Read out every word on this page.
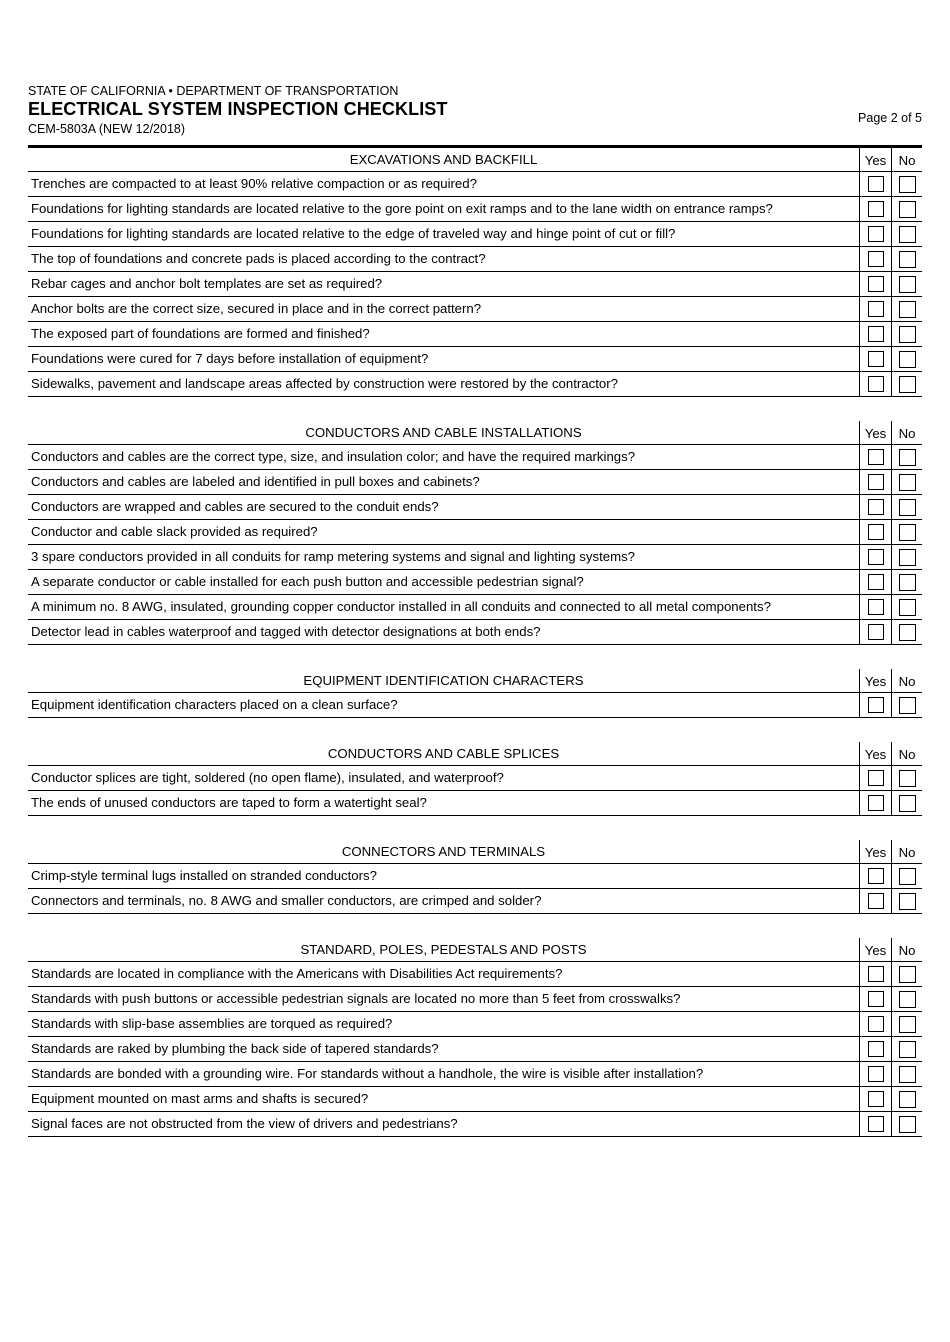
STATE OF CALIFORNIA • DEPARTMENT OF TRANSPORTATION
ELECTRICAL SYSTEM INSPECTION CHECKLIST
CEM-5803A (NEW 12/2018)
Page 2 of 5
EXCAVATIONS AND BACKFILL	Yes No
Trenches are compacted to at least 90% relative compaction or as required?
Foundations for lighting standards are located relative to the gore point on exit ramps and to the lane width on entrance ramps?
Foundations for lighting standards are located relative to the edge of traveled way and hinge point of cut or fill?
The top of foundations and concrete pads is placed according to the contract?
Rebar cages and anchor bolt templates are set as required?
Anchor bolts are the correct size, secured in place and in the correct pattern?
The exposed part of foundations are formed and finished?
Foundations were cured for 7 days before installation of equipment?
Sidewalks, pavement and landscape areas affected by construction were restored by the contractor?
CONDUCTORS AND CABLE INSTALLATIONS	Yes No
Conductors and cables are the correct type, size, and insulation color; and have the required markings?
Conductors and cables are labeled and identified in pull boxes and cabinets?
Conductors are wrapped and cables are secured to the conduit ends?
Conductor and cable slack provided as required?
3 spare conductors provided in all conduits for ramp metering systems and signal and lighting systems?
A separate conductor or cable installed for each push button and accessible pedestrian signal?
A minimum no. 8 AWG, insulated, grounding copper conductor installed in all conduits and connected to all metal components?
Detector lead in cables waterproof and tagged with detector designations at both ends?
EQUIPMENT IDENTIFICATION CHARACTERS	Yes No
Equipment identification characters placed on a clean surface?
CONDUCTORS AND CABLE SPLICES	Yes No
Conductor splices are tight, soldered (no open flame), insulated, and waterproof?
The ends of unused conductors are taped to form a watertight seal?
CONNECTORS AND TERMINALS	Yes No
Crimp-style terminal lugs installed on stranded conductors?
Connectors and terminals, no. 8 AWG and smaller conductors, are crimped and solder?
STANDARD, POLES, PEDESTALS AND POSTS	Yes No
Standards are located in compliance with the Americans with Disabilities Act requirements?
Standards with push buttons or accessible pedestrian signals are located no more than 5 feet from crosswalks?
Standards with slip-base assemblies are torqued as required?
Standards are raked by plumbing the back side of tapered standards?
Standards are bonded with a grounding wire. For standards without a handhole, the wire is visible after installation?
Equipment mounted on mast arms and shafts is secured?
Signal faces are not obstructed from the view of drivers and pedestrians?
